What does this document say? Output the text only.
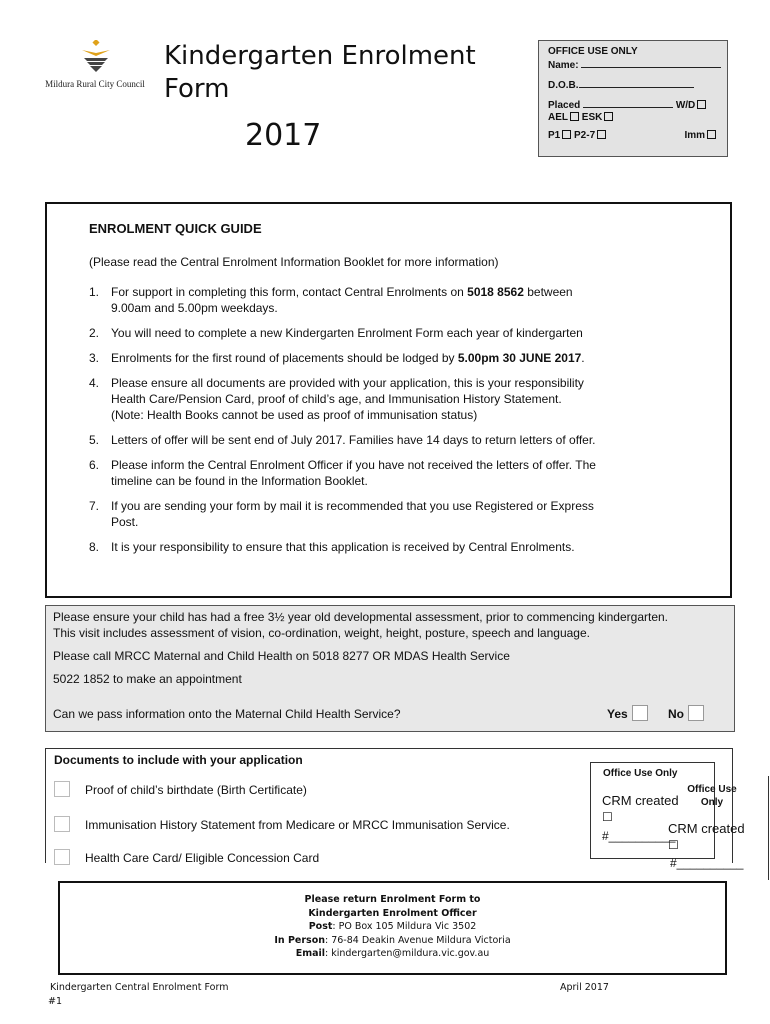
Mildura Rural City Council
Kindergarten Enrolment
Form
2017
OFFICE USE ONLY
Name:
D.O.B.
Placed	W/D
AEL ESK
P1 P2-7	Imm
ENROLMENT QUICK GUIDE
(Please read the Central Enrolment Information Booklet for more information)
1. For support in completing this form, contact Central Enrolments on 5018 8562 between
9.00am and 5.00pm weekdays.
2. You will need to complete a new Kindergarten Enrolment Form each year of kindergarten
3. Enrolments for the first round of placements should be lodged by 5.00pm 30 JUNE 2017.
4. Please ensure all documents are provided with your application, this is your responsibility
Health Care/Pension Card, proof of child’s age, and Immunisation History Statement.
(Note: Health Books cannot be used as proof of immunisation status)
5. Letters of offer will be sent end of July 2017. Families have 14 days to return letters of offer.
6. Please inform the Central Enrolment Officer if you have not received the letters of offer. The
timeline can be found in the Information Booklet.
7. If you are sending your form by mail it is recommended that you use Registered or Express
Post.
8. It is your responsibility to ensure that this application is received by Central Enrolments.

Please ensure your child has had a free 3½ year old developmental assessment, prior to commencing kindergarten.

This visit includes assessment of vision, co-ordination, weight, height, posture, speech and language.

Please call MRCC Maternal and Child Health on 5018 8277 OR MDAS Health Service

5022 1852 to make an appointment

Can we pass information onto the Maternal Child Health Service?	Yes	No
Documents to include with your application
Proof of child’s birthdate (Birth Certificate)
Immunisation History Statement from Medicare or MRCC Immunisation Service.
Health Care Card/ Eligible Concession Card
Office Use Only
CRM created
☐
#__________
Office Use Only
CRM created
☐
#__________
Please return Enrolment Form to
Kindergarten Enrolment Officer
Post: PO Box 105 Mildura Vic 3502
In Person: 76-84 Deakin Avenue Mildura Victoria
Email: kindergarten@mildura.vic.gov.au
Kindergarten Central Enrolment Form	April 2017
#1
